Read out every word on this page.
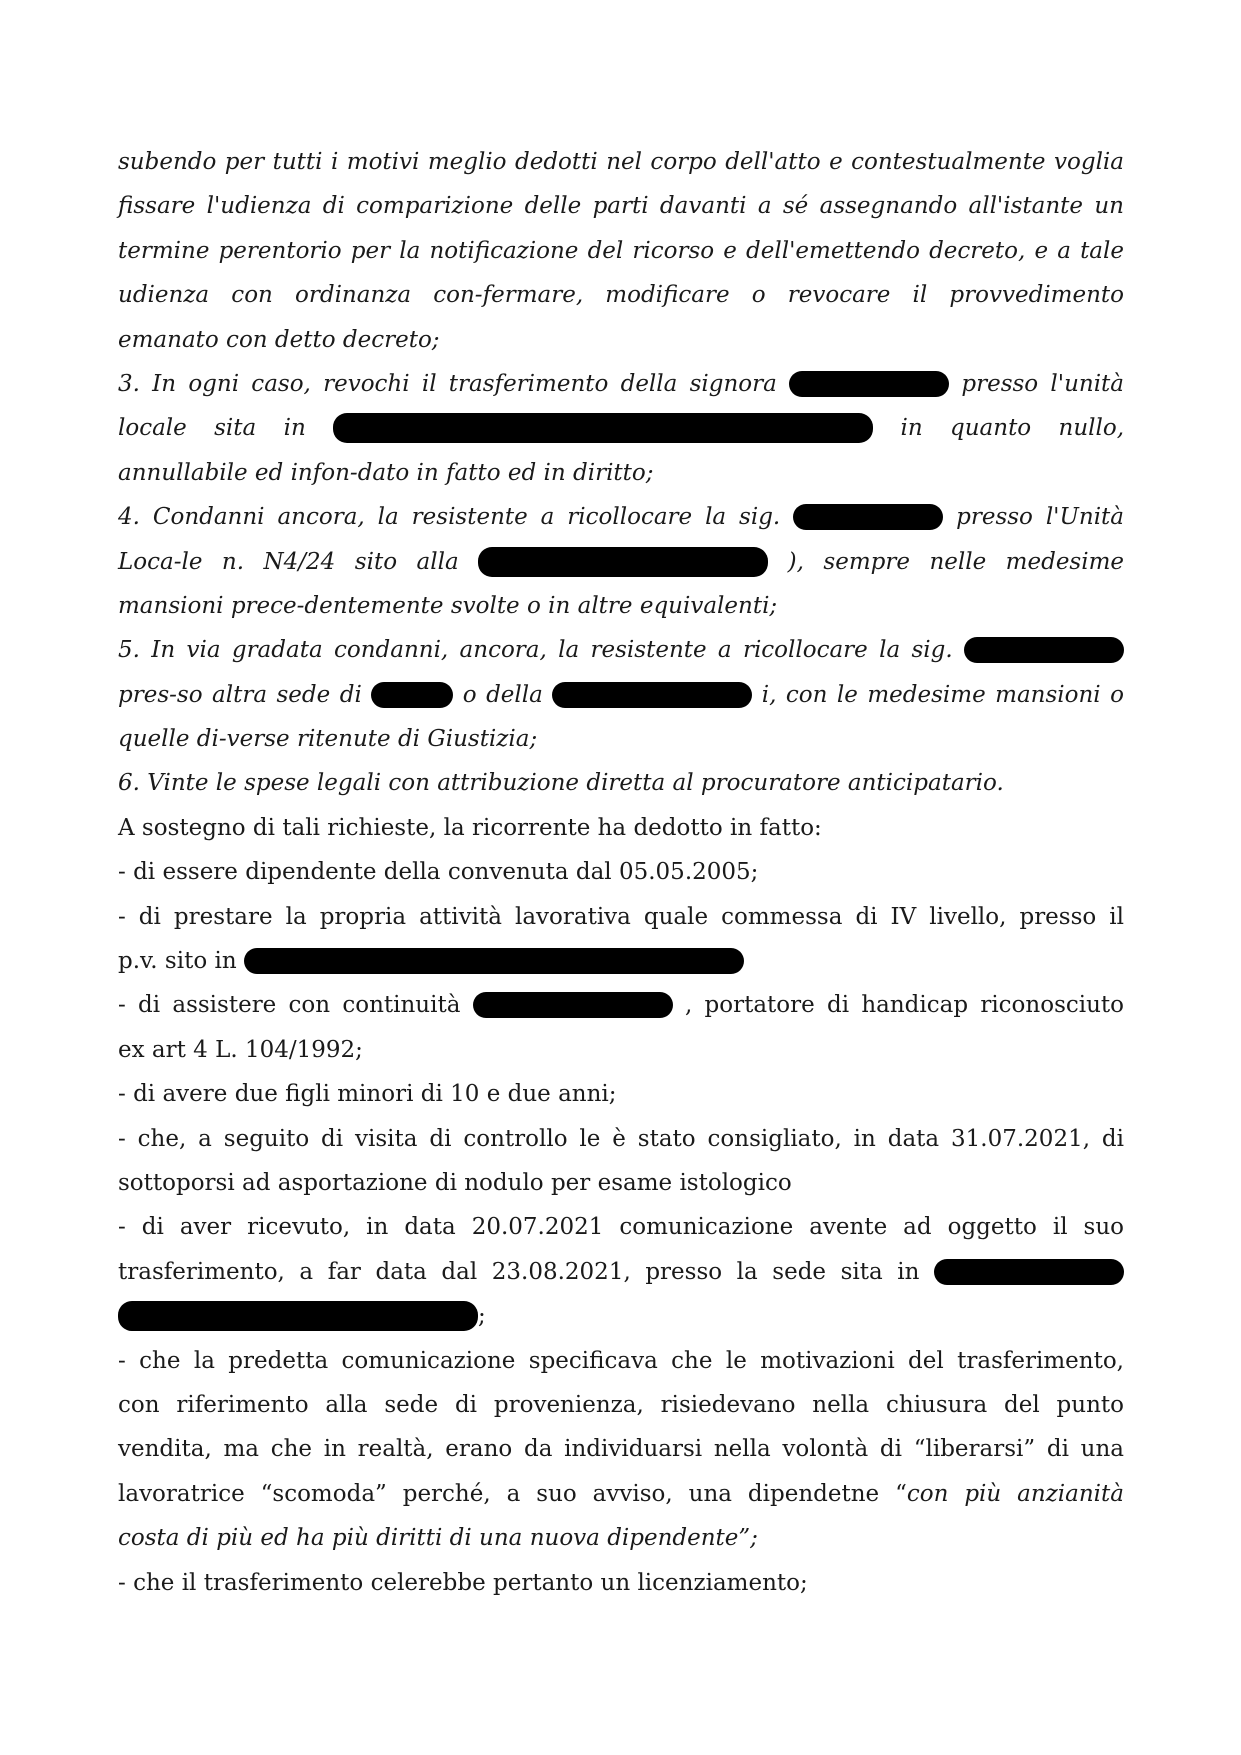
subendo per tutti i motivi meglio dedotti nel corpo dell'atto e contestualmente voglia
fissare l'udienza di comparizione delle parti davanti a sé assegnando all'istante un
termine perentorio per la notificazione del ricorso e dell'emettendo decreto, e a tale
udienza con ordinanza con-fermare, modificare o revocare il provvedimento
emanato con detto decreto;
3. In ogni caso, revochi il trasferimento della signora	presso l'unità
locale sita in	in quanto nullo,
annullabile ed infon-dato in fatto ed in diritto;
4. Condanni ancora, la resistente a ricollocare la sig.	presso l'Unità
Loca-le n. N4/24 sito alla	), sempre nelle medesime
mansioni prece-dentemente svolte o in altre equivalenti;
5. In via gradata condanni, ancora, la resistente a ricollocare la sig.
pres-so altra sede di	o della	i, con le medesime mansioni o
quelle di-verse ritenute di Giustizia;
6. Vinte le spese legali con attribuzione diretta al procuratore anticipatario.
A sostegno di tali richieste, la ricorrente ha dedotto in fatto:
- di essere dipendente della convenuta dal 05.05.2005;
- di prestare la propria attività lavorativa quale commessa di IV livello, presso il
p.v. sito in
- di assistere con continuità	, portatore di handicap riconosciuto
ex art 4 L. 104/1992;
- di avere due figli minori di 10 e due anni;
- che, a seguito di visita di controllo le è stato consigliato, in data 31.07.2021, di
sottoporsi ad asportazione di nodulo per esame istologico
- di aver ricevuto, in data 20.07.2021 comunicazione avente ad oggetto il suo
trasferimento, a far data dal 23.08.2021, presso la sede sita in
;
- che la predetta comunicazione specificava che le motivazioni del trasferimento,
con riferimento alla sede di provenienza, risiedevano nella chiusura del punto
vendita, ma che in realtà, erano da individuarsi nella volontà di “liberarsi” di una
lavoratrice “scomoda” perché, a suo avviso, una dipendetne “con più anzianità
costa di più ed ha più diritti di una nuova dipendente”;
- che il trasferimento celerebbe pertanto un licenziamento;
